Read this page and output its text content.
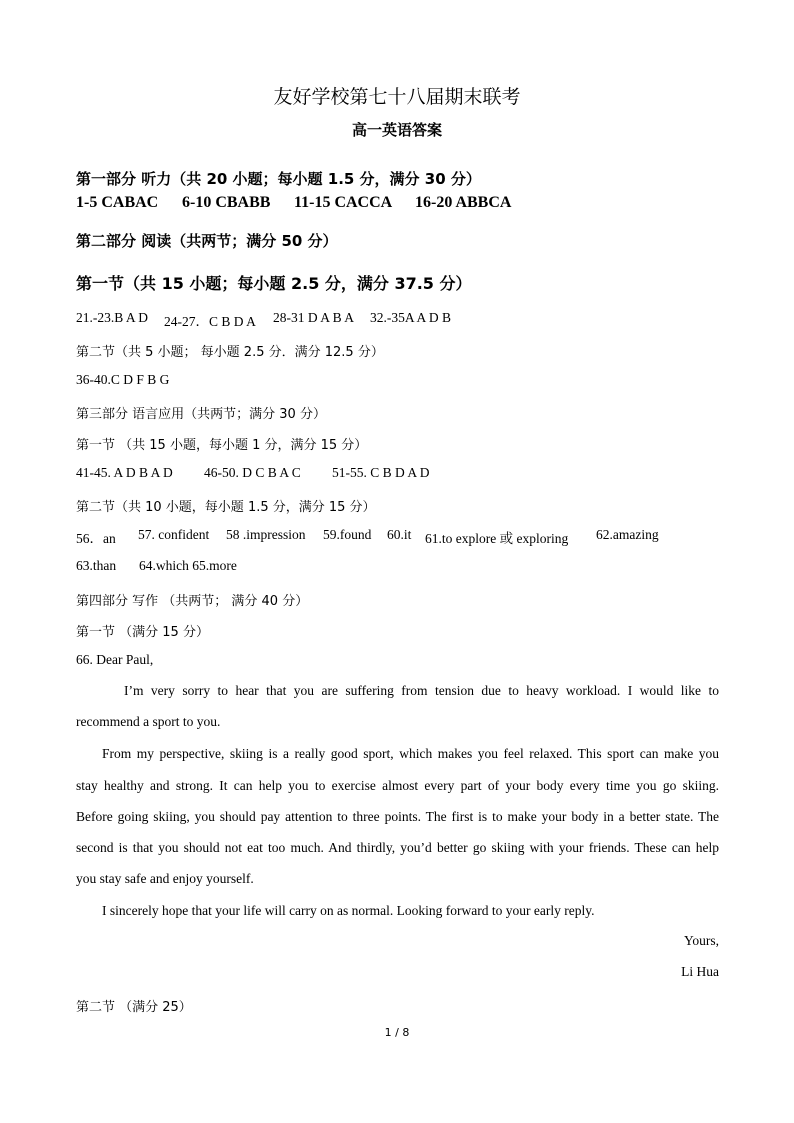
友好学校第七十八届期末联考
高一英语答案
第一部分 听力（共 20 小题；每小题 1.5 分，满分 30 分）
1-5 CABAC 6-10 CBABB 11-15 CACCA 16-20 ABBCA
第二部分 阅读（共两节；满分 50 分）
第一节（共 15 小题；每小题 2.5 分，满分 37.5 分）
21.-23.B A D 24-27．C B D A 28-31 D A B A 32.-35A A D B
第二节（共 5 小题； 每小题 2.5 分．满分 12.5 分）
36-40.C D F B G
第三部分 语言应用（共两节；满分 30 分）
第一节 （共 15 小题，每小题 1 分，满分 15 分）
41-45. A D B A D 46-50. D C B A C 51-55. C B D A D
第二节（共 10 小题，每小题 1.5 分，满分 15 分）
56．an 57. confident 58 .impression 59.found 60.it 61.to explore 或 exploring 62.amazing
63.than 64.which 65.more
第四部分 写作 （共两节； 满分 40 分）
第一节 （满分 15 分）
66. Dear Paul,
I’m very sorry to hear that you are suffering from tension due to heavy workload. I would like to
recommend a sport to you.
From my perspective, skiing is a really good sport, which makes you feel relaxed. This sport can make you
stay healthy and strong. It can help you to exercise almost every part of your body every time you go skiing.
Before going skiing, you should pay attention to three points. The first is to make your body in a better state. The
second is that you should not eat too much. And thirdly, you’d better go skiing with your friends. These can help
you stay safe and enjoy yourself.
I sincerely hope that your life will carry on as normal. Looking forward to your early reply.
Yours,
Li Hua
第二节 （满分 25）
1 / 8
